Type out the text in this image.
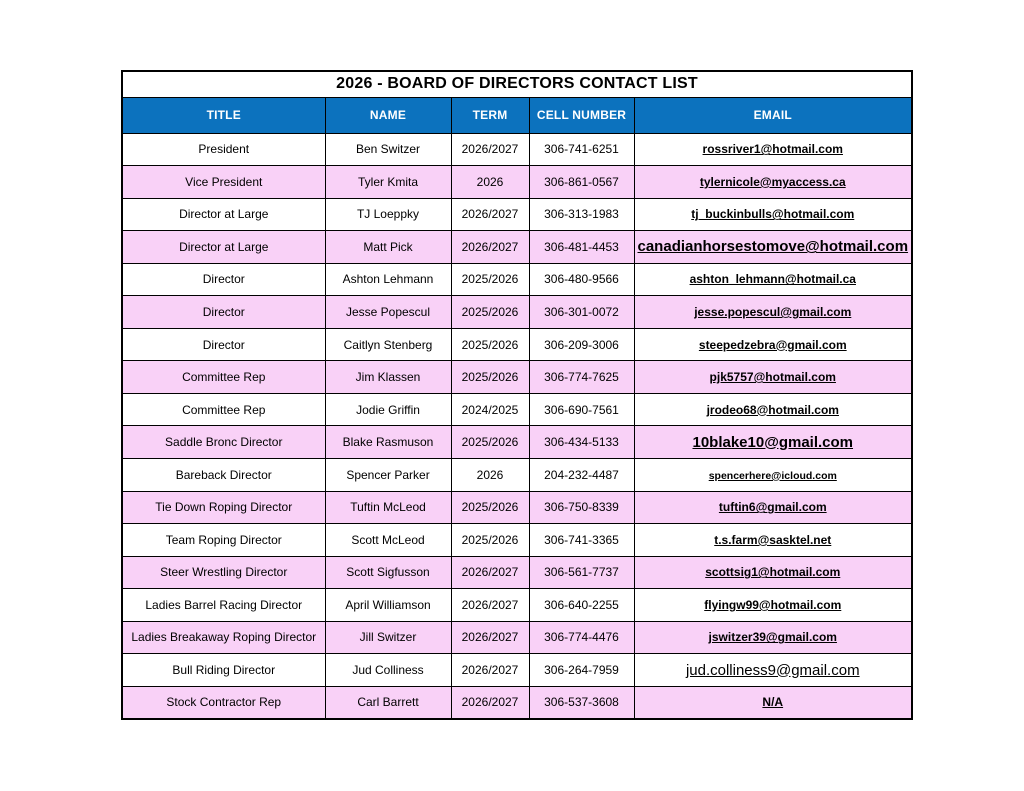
2026 - BOARD OF DIRECTORS CONTACT LIST				
TITLE	NAME	TERM	CELL NUMBER	EMAIL
President	Ben Switzer	2026/2027	306-741-6251	rossriver1@hotmail.com
Vice President	Tyler Kmita	2026	306-861-0567	tylernicole@myaccess.ca
Director at Large	TJ Loeppky	2026/2027	306-313-1983	tj_buckinbulls@hotmail.com
Director at Large	Matt Pick	2026/2027	306-481-4453	canadianhorsestomove@hotmail.com
Director	Ashton Lehmann	2025/2026	306-480-9566	ashton_lehmann@hotmail.ca
Director	Jesse Popescul	2025/2026	306-301-0072	jesse.popescul@gmail.com
Director	Caitlyn Stenberg	2025/2026	306-209-3006	steepedzebra@gmail.com
Committee Rep	Jim Klassen	2025/2026	306-774-7625	pjk5757@hotmail.com
Committee Rep	Jodie Griffin	2024/2025	306-690-7561	jrodeo68@hotmail.com
Saddle Bronc Director	Blake Rasmuson	2025/2026	306-434-5133	10blake10@gmail.com
Bareback Director	Spencer Parker	2026	204-232-4487	spencerhere@icloud.com
Tie Down Roping Director	Tuftin McLeod	2025/2026	306-750-8339	tuftin6@gmail.com
Team Roping Director	Scott McLeod	2025/2026	306-741-3365	t.s.farm@sasktel.net
Steer Wrestling Director	Scott Sigfusson	2026/2027	306-561-7737	scottsig1@hotmail.com
Ladies Barrel Racing Director	April Williamson	2026/2027	306-640-2255	flyingw99@hotmail.com
Ladies Breakaway Roping Director	Jill Switzer	2026/2027	306-774-4476	jswitzer39@gmail.com
Bull Riding Director	Jud Colliness	2026/2027	306-264-7959	jud.colliness9@gmail.com
Stock Contractor Rep	Carl Barrett	2026/2027	306-537-3608	N/A
